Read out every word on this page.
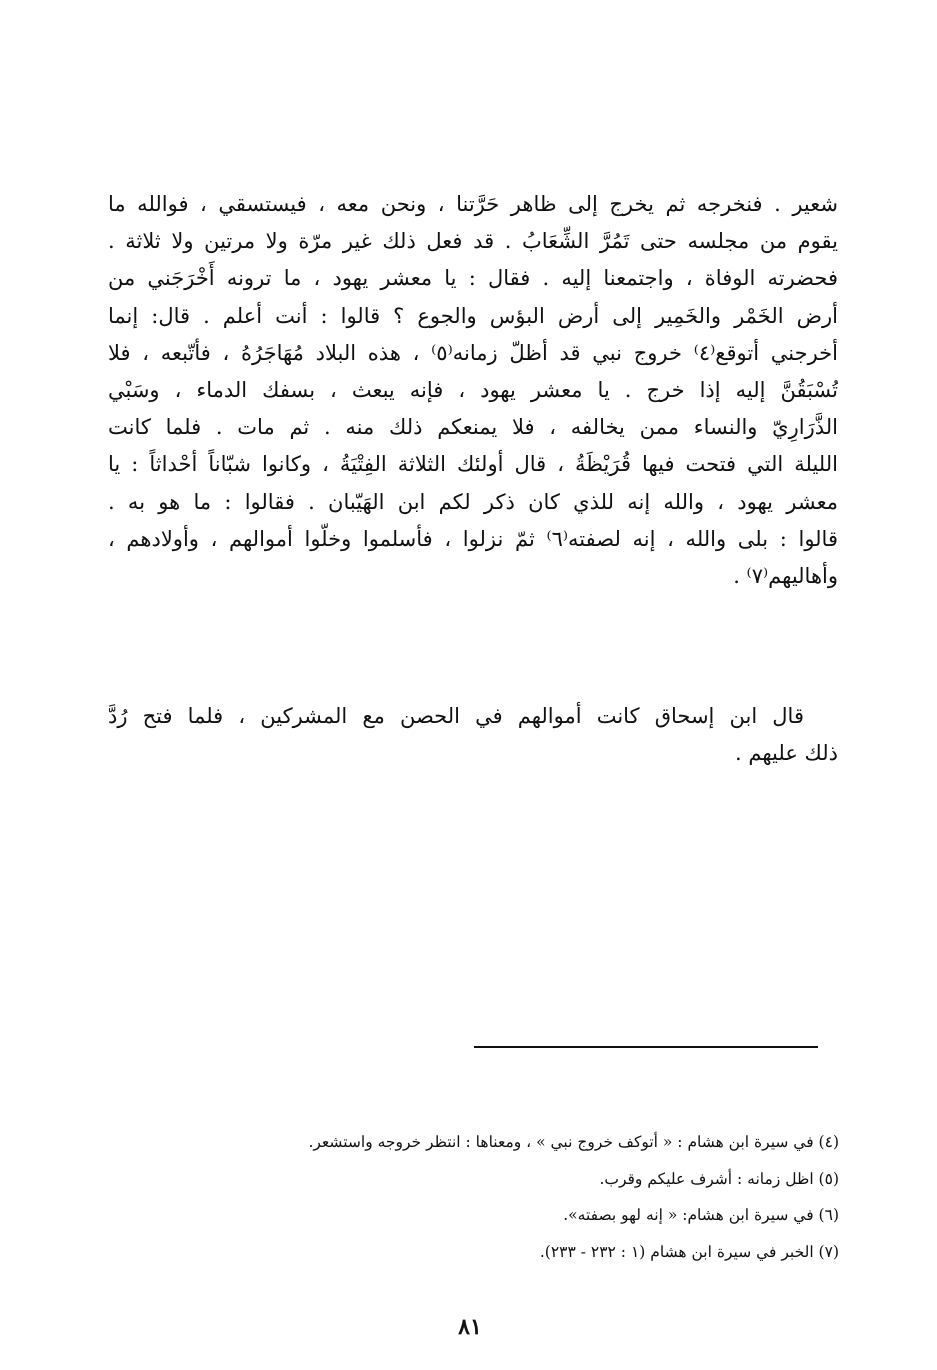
شعير . فنخرجه ثم يخرج إلى ظاهر حَرَّتنا ، ونحن معه ، فيستسقي ، فوالله ما
يقوم من مجلسه حتى تَمُرَّ الشِّعَابُ . قد فعل ذلك غير مرّة ولا مرتين ولا ثلاثة .
فحضرته الوفاة ، واجتمعنا إليه . فقال : يا معشر يهود ، ما ترونه أَخْرَجَني من
أرض الخَمْر والخَمِير إلى أرض البؤس والجوع ؟ قالوا : أنت أعلم . قال: إنما
أخرجني أتوقع⁽٤⁾ خروج نبي قد أظلّ زمانه⁽٥⁾ ، هذه البلاد مُهَاجَرُهُ ، فأتّبعه ، فلا
تُسْبَقُنَّ إليه إذا خرج . يا معشر يهود ، فإنه يبعث ، بسفك الدماء ، وسَبْي
الذَّرَارِيّ والنساء ممن يخالفه ، فلا يمنعكم ذلك منه . ثم مات . فلما كانت
الليلة التي فتحت فيها قُرَيْظَةُ ، قال أولئك الثلاثة الفِتْيَةُ ، وكانوا شبّاناً أحْداثاً : يا
معشر يهود ، والله إنه للذي كان ذكر لكم ابن الهَيّبان . فقالوا : ما هو به .
قالوا : بلى والله ، إنه لصفته⁽٦⁾ ثمّ نزلوا ، فأسلموا وخلّوا أموالهم ، وأولادهم ،
وأهاليهم⁽٧⁾ .
قال ابن إسحاق كانت أموالهم في الحصن مع المشركين ، فلما فتح رُدَّ
ذلك عليهم .
(٤) في سيرة ابن هشام : « أتوكف خروج نبي » ، ومعناها : انتظر خروجه واستشعر.
(٥) اظل زمانه : أشرف عليكم وقرب.
(٦) في سيرة ابن هشام: « إنه لهو بصفته».
(٧) الخبر في سيرة ابن هشام (١ : ٢٣٢ - ٢٣٣).
٨١
